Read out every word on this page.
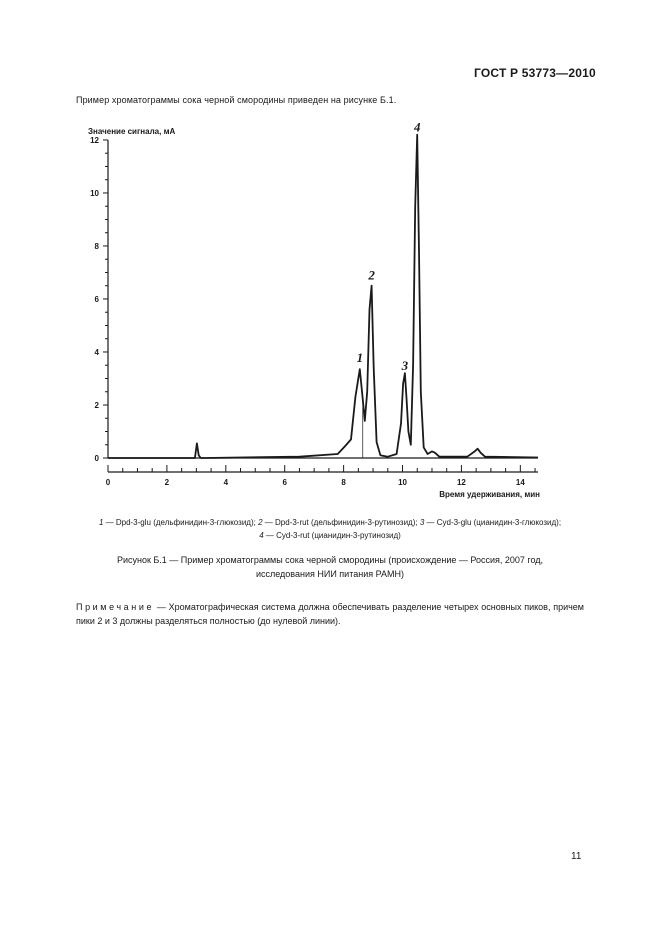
ГОСТ Р 53773—2010
Пример хроматограммы сока черной смородины приведен на рисунке Б.1.
0
2
4
6
8
10
12
0	2	4	6	8	10	12	14
Значение сигнала, мА
Время удерживания, мин
1
2
3
4
1 — Dpd-3-glu (дельфинидин-3-глюкозид); 2 — Dpd-3-rut (дельфинидин-3-рутинозид); 3 — Cyd-3-glu (цианидин-3-глюкозид);
4 — Cyd-3-rut (цианидин-3-рутинозид)
Рисунок Б.1 — Пример хроматограммы сока черной смородины (происхождение — Россия, 2007 год,
исследования НИИ питания РАМН)
Примечание — Хроматографическая система должна обеспечивать разделение четырех основных пиков, причем пики 2 и 3 должны разделяться полностью (до нулевой линии).
11
